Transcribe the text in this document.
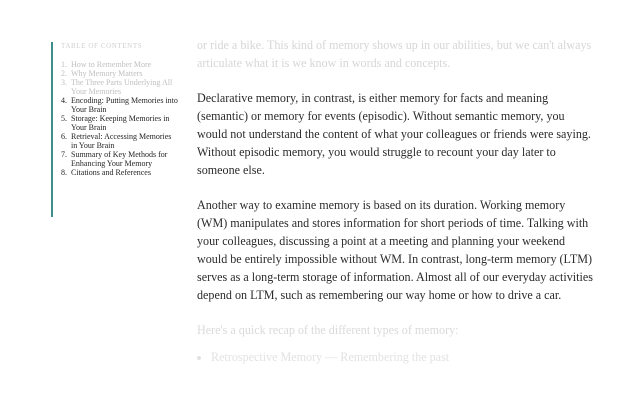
TABLE OF CONTENTS
1. How to Remember More
2. Why Memory Matters
3. The Three Parts Underlying All Your Memories
4. Encoding: Putting Memories into Your Brain
5. Storage: Keeping Memories in Your Brain
6. Retrieval: Accessing Memories in Your Brain
7. Summary of Key Methods for Enhancing Your Memory
8. Citations and References

or ride a bike. This kind of memory shows up in our abilities, but we can't always articulate what it is we know in words and concepts.

Declarative memory, in contrast, is either memory for facts and meaning (semantic) or memory for events (episodic). Without semantic memory, you would not understand the content of what your colleagues or friends were saying. Without episodic memory, you would struggle to recount your day later to someone else.

Another way to examine memory is based on its duration. Working memory (WM) manipulates and stores information for short periods of time. Talking with your colleagues, discussing a point at a meeting and planning your weekend would be entirely impossible without WM. In contrast, long-term memory (LTM) serves as a long-term storage of information. Almost all of our everyday activities depend on LTM, such as remembering our way home or how to drive a car.

Here's a quick recap of the different types of memory:

• Retrospective Memory — Remembering the past
